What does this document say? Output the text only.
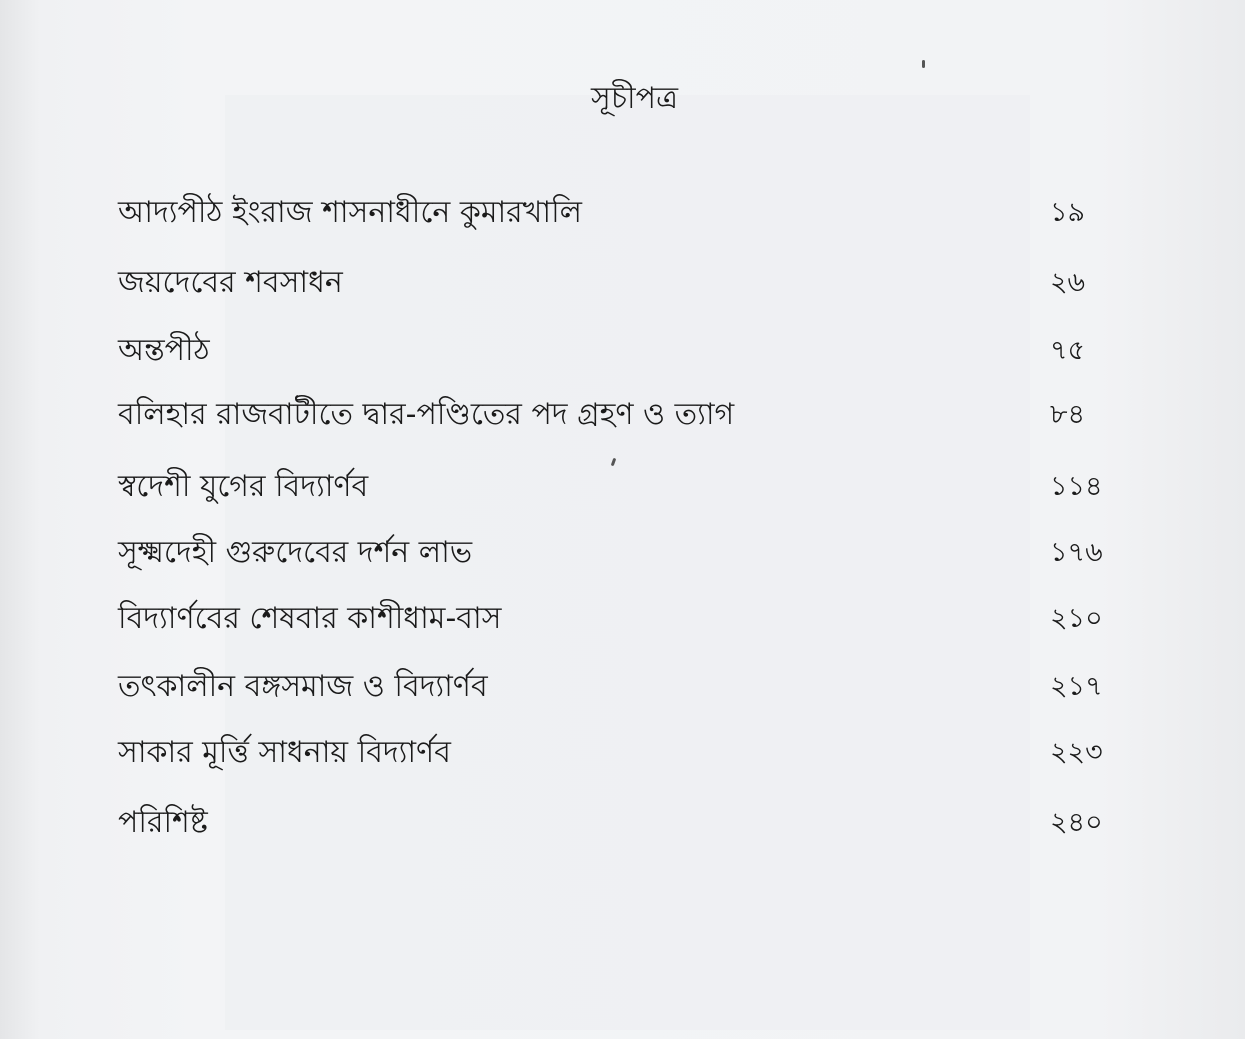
সূচীপত্র
আদ্যপীঠ ইংরাজ শাসনাধীনে কুমারখালি	১৯
জয়দেবের শবসাধন	২৬
অন্তপীঠ	৭৫
বলিহার রাজবাটীতে দ্বার-পণ্ডিতের পদ গ্রহণ ও ত্যাগ	৮৪
স্বদেশী যুগের বিদ্যার্ণব	১১৪
সূক্ষ্মদেহী গুরুদেবের দর্শন লাভ	১৭৬
বিদ্যার্ণবের শেষবার কাশীধাম-বাস	২১০
তৎকালীন বঙ্গসমাজ ও বিদ্যার্ণব	২১৭
সাকার মূর্ত্তি সাধনায় বিদ্যার্ণব	২২৩
পরিশিষ্ট	২৪০
